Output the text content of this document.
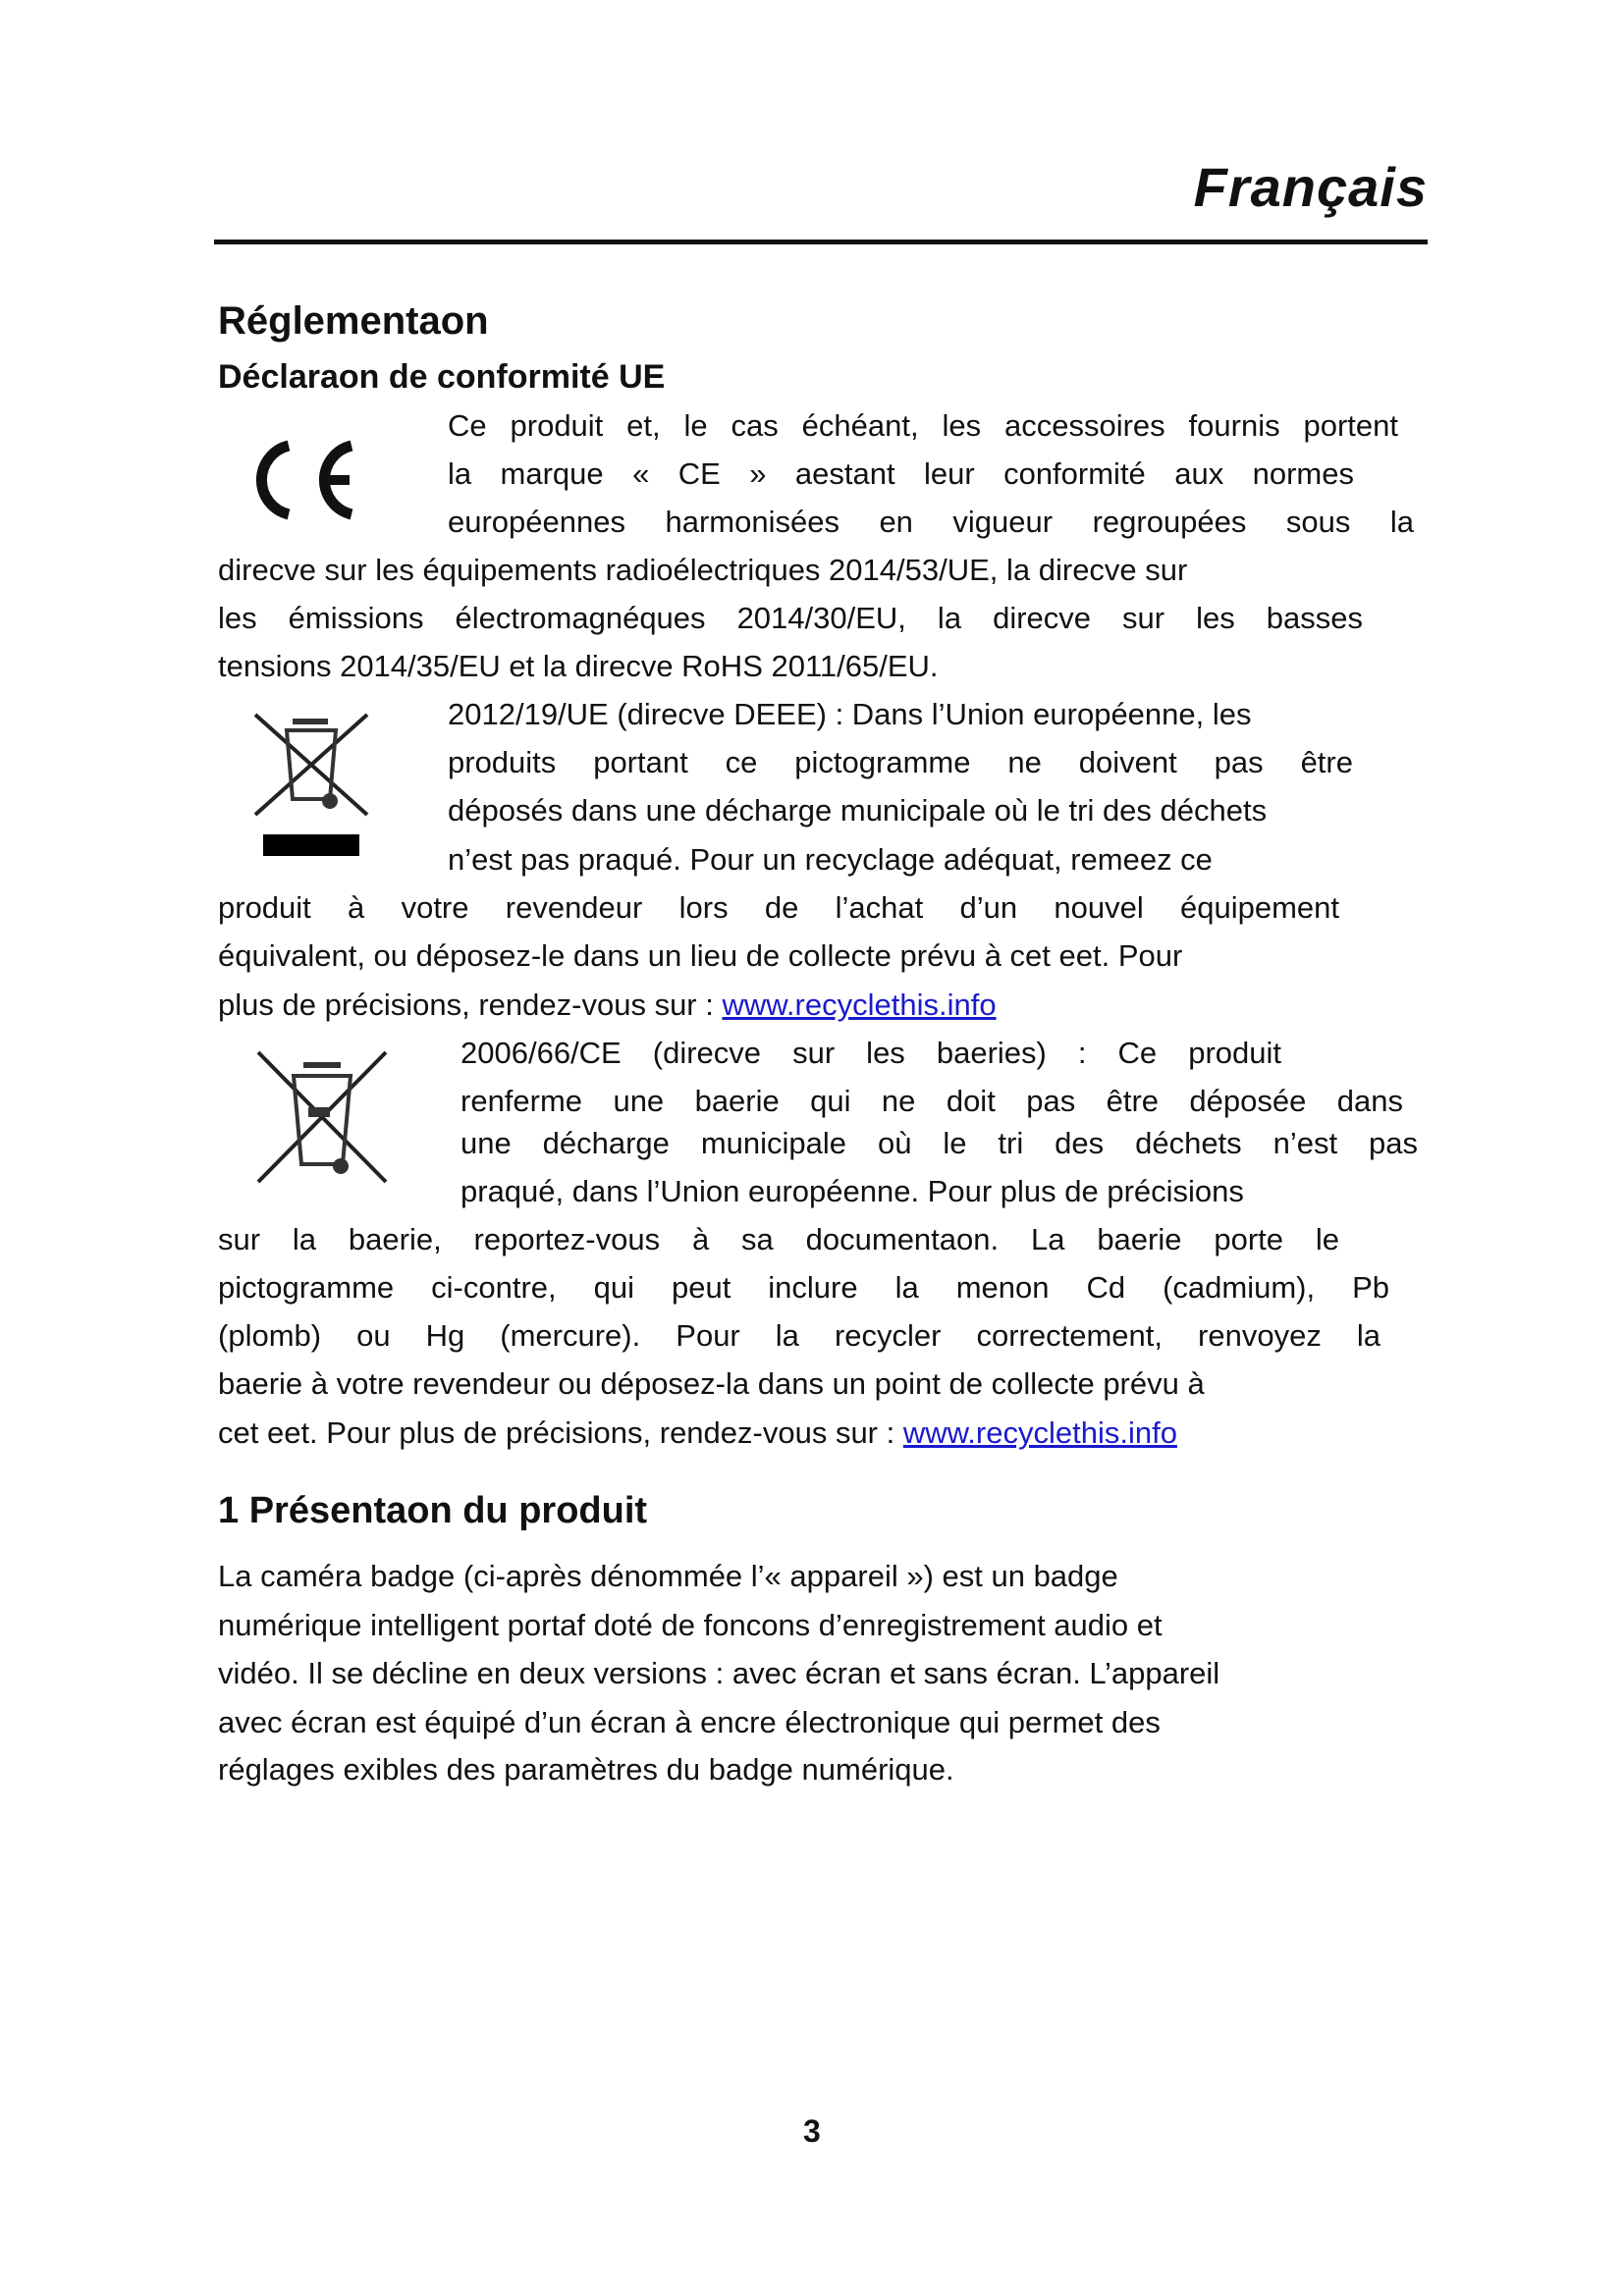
Français
Réglementaon
Déclaraon de conformité UE
Ce produit et, le cas échéant, les accessoires fournis portent
la marque « CE » aestant leur conformité aux normes
européennes harmonisées en vigueur regroupées sous la
direcve sur les équipements radioélectriques 2014/53/UE, la direcve sur
les émissions électromagnéques 2014/30/EU, la direcve sur les basses
tensions 2014/35/EU et la direcve RoHS 2011/65/EU.
2012/19/UE (direcve DEEE) : Dans l’Union européenne, les
produits portant ce pictogramme ne doivent pas être
déposés dans une décharge municipale où le tri des déchets
n’est pas praqué. Pour un recyclage adéquat, remeez ce
produit à votre revendeur lors de l’achat d’un nouvel équipement
équivalent, ou déposez-le dans un lieu de collecte prévu à cet eet. Pour
plus de précisions, rendez-vous sur : www.recyclethis.info
2006/66/CE (direcve sur les baeries) : Ce produit
renferme une baerie qui ne doit pas être déposée dans
une décharge municipale où le tri des déchets n’est pas
praqué, dans l’Union européenne. Pour plus de précisions
sur la baerie, reportez-vous à sa documentaon. La baerie porte le
pictogramme ci-contre, qui peut inclure la menon Cd (cadmium), Pb
(plomb) ou Hg (mercure). Pour la recycler correctement, renvoyez la
baerie à votre revendeur ou déposez-la dans un point de collecte prévu à
cet eet. Pour plus de précisions, rendez-vous sur : www.recyclethis.info
1 Présentaon du produit
La caméra badge (ci-après dénommée l’« appareil ») est un badge
numérique intelligent portaf doté de foncons d’enregistrement audio et
vidéo. Il se décline en deux versions : avec écran et sans écran. L’appareil
avec écran est équipé d’un écran à encre électronique qui permet des
réglages exibles des paramètres du badge numérique.
3
